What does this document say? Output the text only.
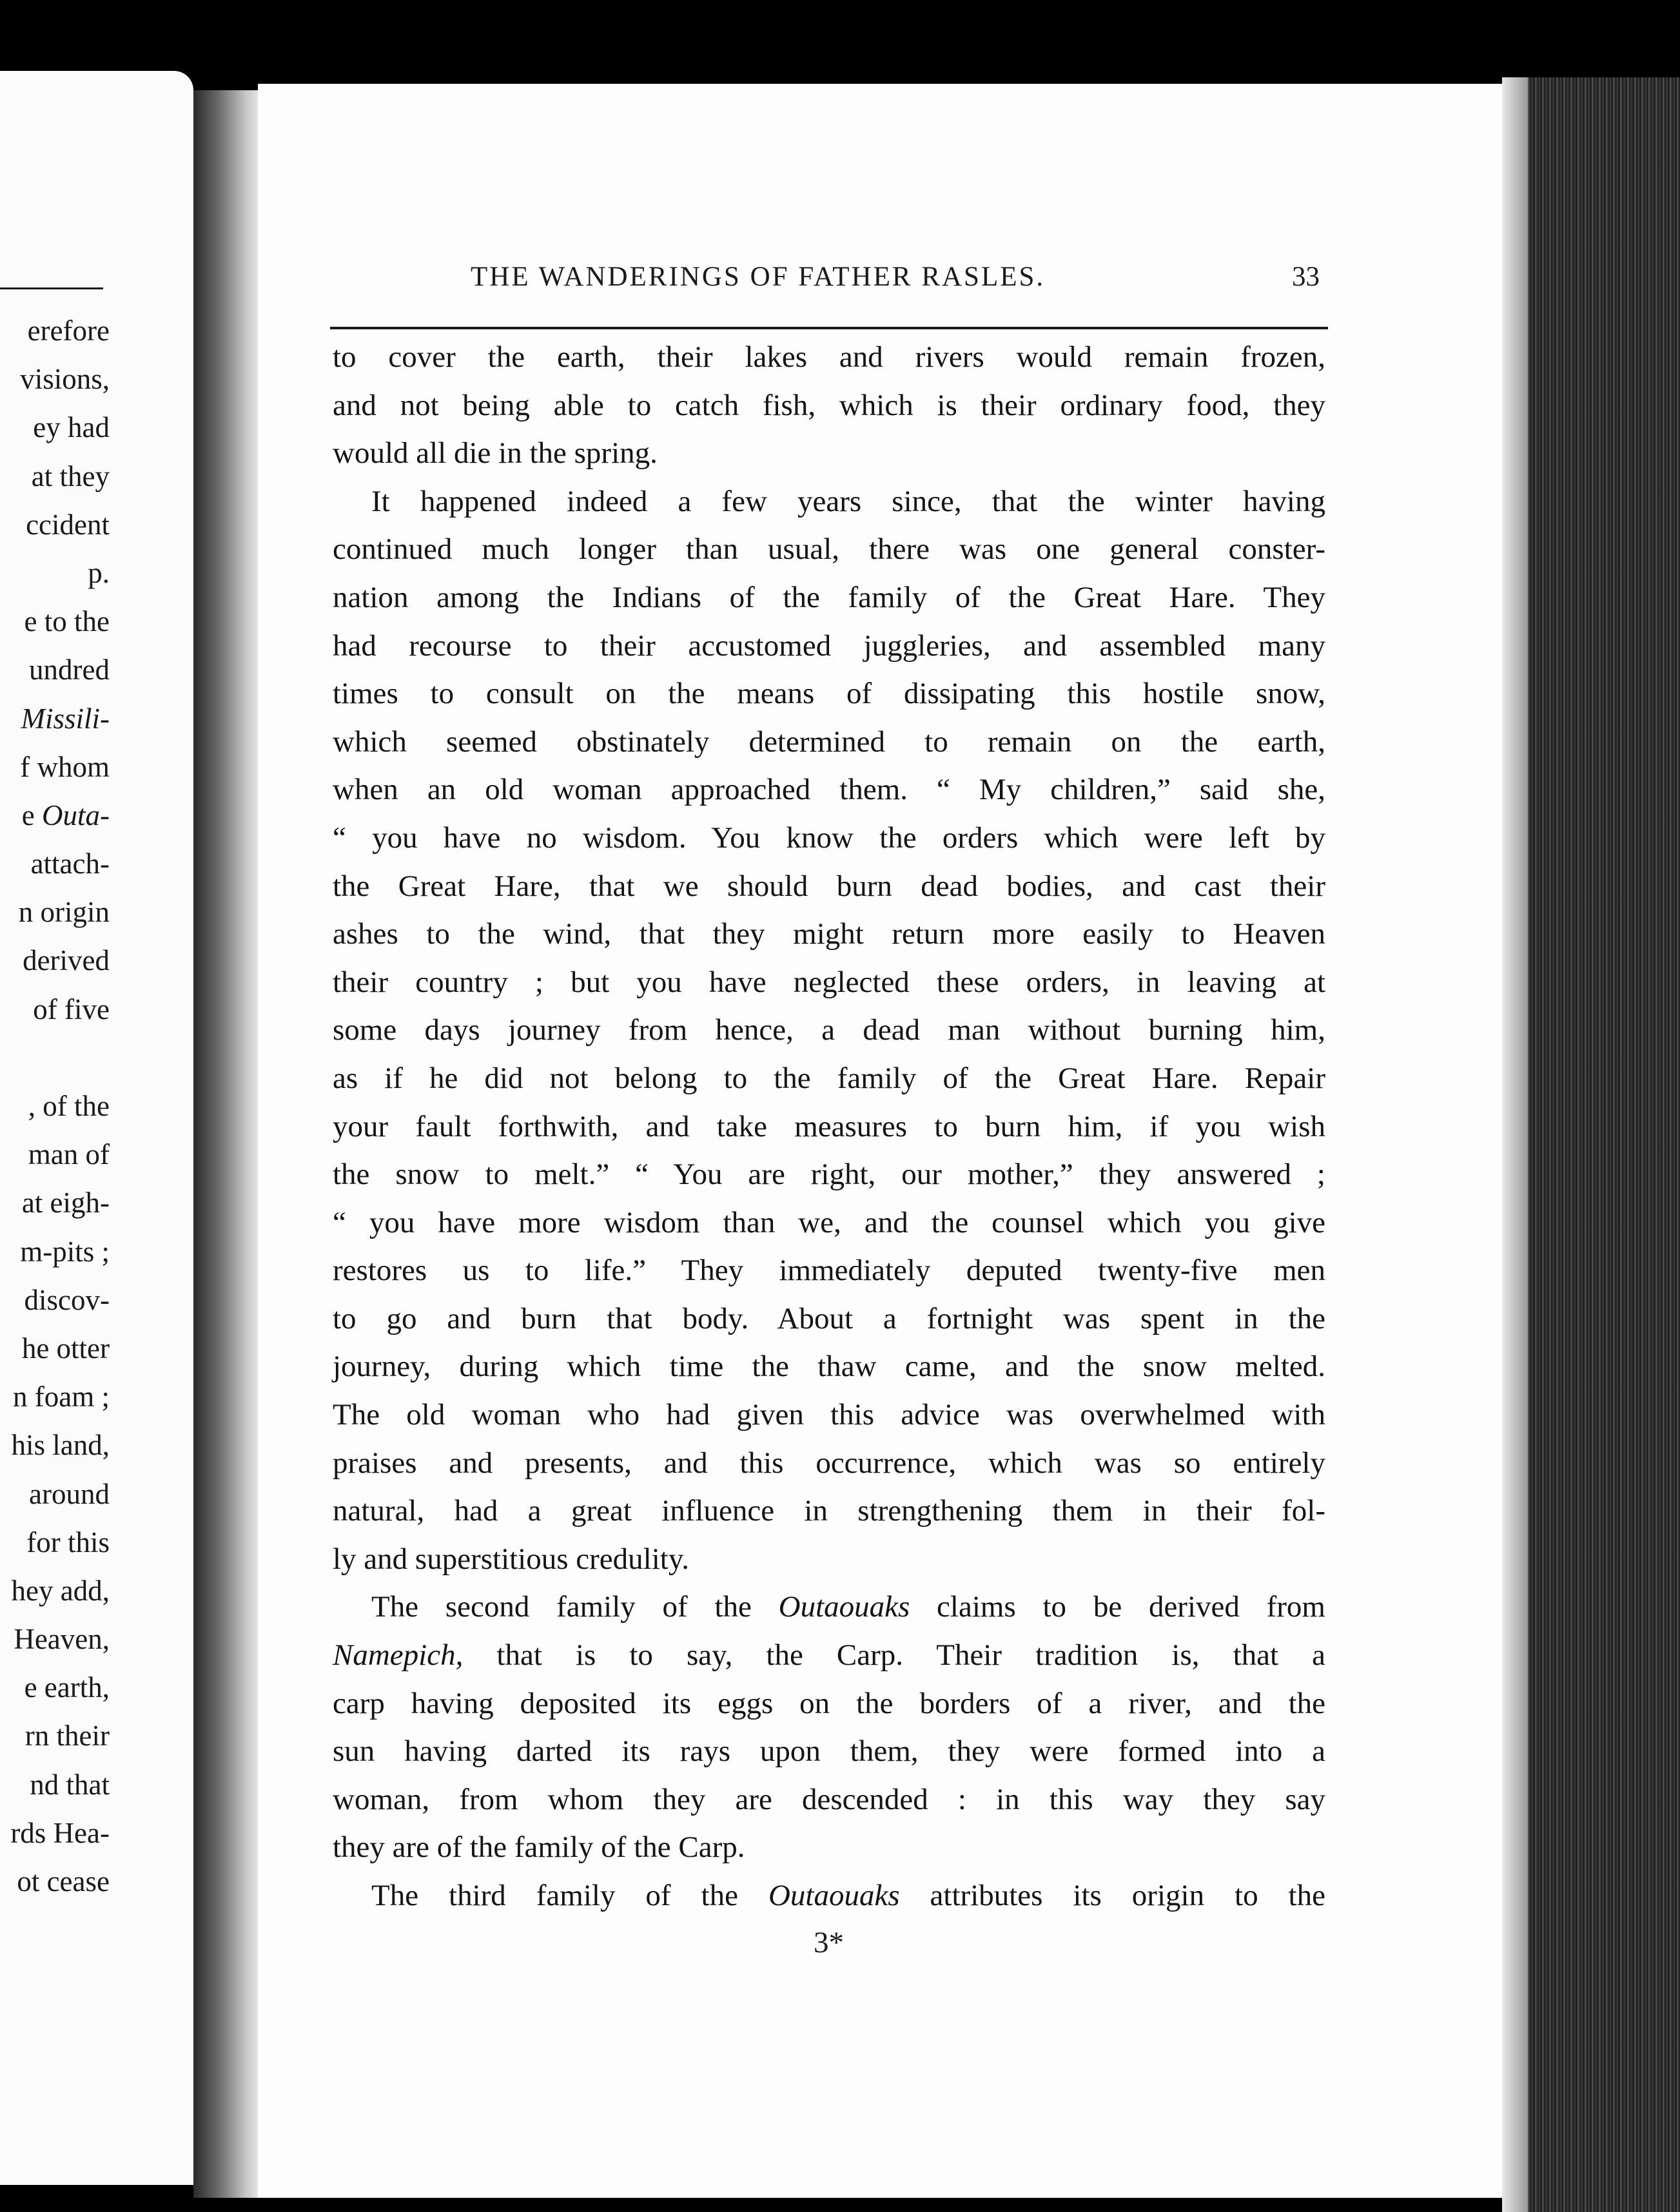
erefore
visions,
ey had
at they
ccident
p.
e to the
undred
Missili-
f whom
e Outa-
attach-
n origin
derived
of five
, of the
man of
at eigh-
m-pits ;
discov-
he otter
n foam ;
his land,
around
for this
hey add,
Heaven,
e earth,
rn their
nd that
rds Hea-
ot cease
THE WANDERINGS OF FATHER RASLES.	33
to cover the earth, their lakes and rivers would remain frozen,
and not being able to catch fish, which is their ordinary food, they
would all die in the spring.
It happened indeed a few years since, that the winter having
continued much longer than usual, there was one general conster-
nation among the Indians of the family of the Great Hare. They
had recourse to their accustomed juggleries, and assembled many
times to consult on the means of dissipating this hostile snow,
which seemed obstinately determined to remain on the earth,
when an old woman approached them. “ My children,” said she,
“ you have no wisdom. You know the orders which were left by
the Great Hare, that we should burn dead bodies, and cast their
ashes to the wind, that they might return more easily to Heaven
their country ; but you have neglected these orders, in leaving at
some days journey from hence, a dead man without burning him,
as if he did not belong to the family of the Great Hare. Repair
your fault forthwith, and take measures to burn him, if you wish
the snow to melt.” “ You are right, our mother,” they answered ;
“ you have more wisdom than we, and the counsel which you give
restores us to life.” They immediately deputed twenty-five men
to go and burn that body. About a fortnight was spent in the
journey, during which time the thaw came, and the snow melted.
The old woman who had given this advice was overwhelmed with
praises and presents, and this occurrence, which was so entirely
natural, had a great influence in strengthening them in their fol-
ly and superstitious credulity.
The second family of the Outaouaks claims to be derived from
Namepich, that is to say, the Carp. Their tradition is, that a
carp having deposited its eggs on the borders of a river, and the
sun having darted its rays upon them, they were formed into a
woman, from whom they are descended : in this way they say
they are of the family of the Carp.
The third family of the Outaouaks attributes its origin to the
3*
